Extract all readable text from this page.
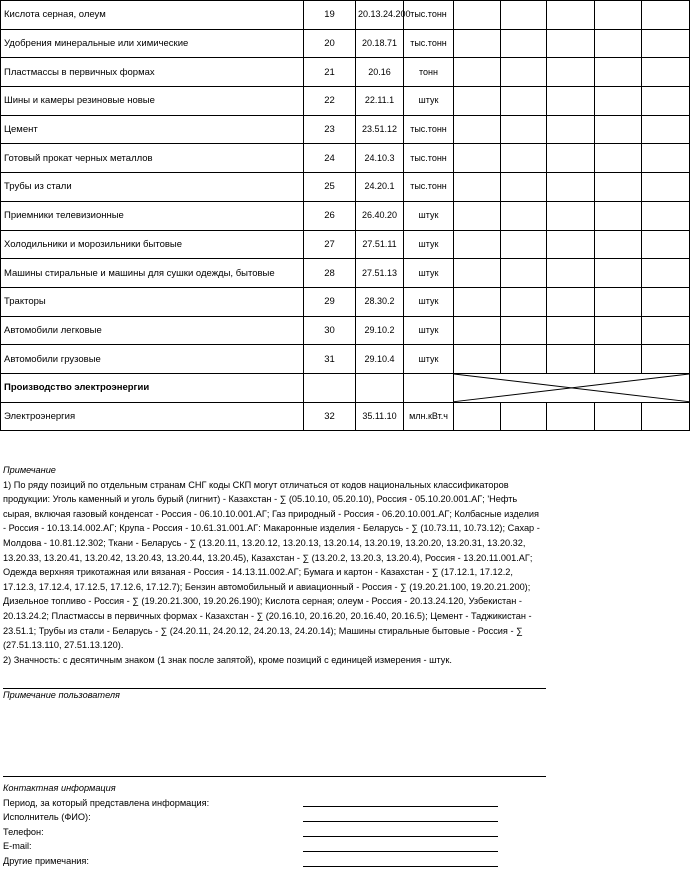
Кислота серная, олеум	19	20.13.24.200	тыс.тонн					
Удобрения минеральные или химические	20	20.18.71	тыс.тонн					
Пластмассы в первичных формах	21	20.16	тонн					
Шины и камеры резиновые новые	22	22.11.1	штук					
Цемент	23	23.51.12	тыс.тонн					
Готовый прокат черных металлов	24	24.10.3	тыс.тонн					
Трубы из стали	25	24.20.1	тыс.тонн					
Приемники телевизионные	26	26.40.20	штук					
Холодильники и морозильники бытовые	27	27.51.11	штук					
Машины стиральные и машины для сушки одежды, бытовые	28	27.51.13	штук					
Тракторы	29	28.30.2	штук					
Автомобили легковые	30	29.10.2	штук					
Автомобили грузовые	31	29.10.4	штук					
Производство электроэнергии				

Электроэнергия	32	35.11.10	млн.кВт.ч					

Примечание

1) По ряду позиций по отдельным странам СНГ коды СКП могут отличаться от кодов национальных классификаторов продукции: Уголь каменный и уголь бурый (лигнит) - Казахстан - ∑ (05.10.10, 05.20.10), Россия - 05.10.20.001.АГ; 'Нефть сырая, включая газовый конденсат - Россия - 06.10.10.001.АГ; Газ природный - Россия - 06.20.10.001.АГ; Колбасные изделия - Россия - 10.13.14.002.АГ; Крупа - Россия - 10.61.31.001.АГ: Макаронные изделия - Беларусь - ∑ (10.73.11, 10.73.12); Сахар - Молдова - 10.81.12.302; Ткани - Беларусь - ∑ (13.20.11, 13.20.12, 13.20.13, 13.20.14, 13.20.19, 13.20.20, 13.20.31, 13.20.32, 13.20.33, 13.20.41, 13.20.42, 13.20.43, 13.20.44, 13.20.45), Казахстан - ∑ (13.20.2, 13.20.3, 13.20.4), Россия - 13.20.11.001.АГ; Одежда верхняя трикотажная или вязаная - Россия - 14.13.11.002.АГ; Бумага и картон - Казахстан - ∑ (17.12.1, 17.12.2, 17.12.3, 17.12.4, 17.12.5, 17.12.6, 17.12.7); Бензин автомобильный и авиационный - Россия - ∑ (19.20.21.100, 19.20.21.200); Дизельное топливо - Россия - ∑ (19.20.21.300, 19.20.26.190); Кислота серная; олеум - Россия - 20.13.24.120, Узбекистан - 20.13.24.2; Пластмассы в первичных формах - Казахстан - ∑ (20.16.10, 20.16.20, 20.16.40, 20.16.5); Цемент - Таджикистан - 23.51.1; Трубы из стали - Беларусь - ∑ (24.20.11, 24.20.12, 24.20.13, 24.20.14); Машины стиральные бытовые - Россия - ∑ (27.51.13.110, 27.51.13.120).

2) Значность: с десятичным знаком (1 знак после запятой), кроме позиций с единицей измерения - штук.

Примечание пользователя
Контактная информация
Период, за который представлена информация:
Исполнитель (ФИО):
Телефон:
E-mail:
Другие примечания:
